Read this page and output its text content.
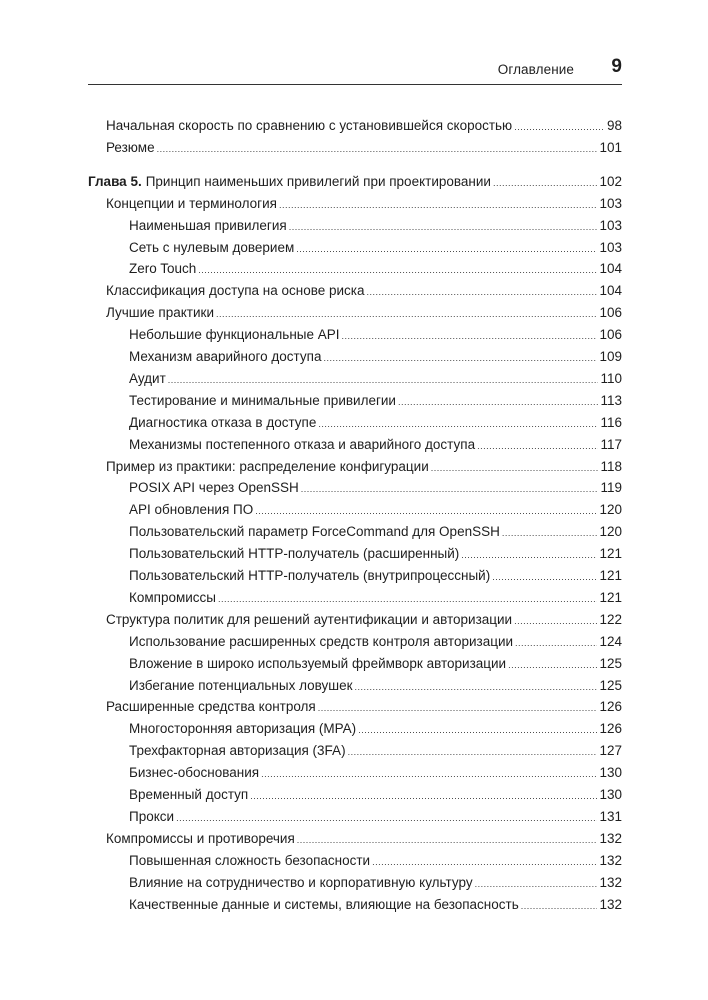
Оглавление 9
Начальная скорость по сравнению с установившейся скоростью .....	98
Резюме .....	101
Глава 5. Принцип наименьших привилегий при проектировании .....	102
Концепции и терминология .....	103
Наименьшая привилегия .....	103
Сеть с нулевым доверием .....	103
Zero Touch .....	104
Классификация доступа на основе риска .....	104
Лучшие практики .....	106
Небольшие функциональные API .....	106
Механизм аварийного доступа .....	109
Аудит .....	110
Тестирование и минимальные привилегии .....	113
Диагностика отказа в доступе .....	116
Механизмы постепенного отказа и аварийного доступа .....	117
Пример из практики: распределение конфигурации .....	118
POSIX API через OpenSSH .....	119
API обновления ПО .....	120
Пользовательский параметр ForceCommand для OpenSSH .....	120
Пользовательский HTTP-получатель (расширенный) .....	121
Пользовательский HTTP-получатель (внутрипроцессный) .....	121
Компромиссы .....	121
Структура политик для решений аутентификации и авторизации .....	122
Использование расширенных средств контроля авторизации .....	124
Вложение в широко используемый фреймворк авторизации .....	125
Избегание потенциальных ловушек .....	125
Расширенные средства контроля .....	126
Многосторонняя авторизация (MPA) .....	126
Трехфакторная авторизация (3FA) .....	127
Бизнес-обоснования .....	130
Временный доступ .....	130
Прокси .....	131
Компромиссы и противоречия .....	132
Повышенная сложность безопасности .....	132
Влияние на сотрудничество и корпоративную культуру .....	132
Качественные данные и системы, влияющие на безопасность .....	132
